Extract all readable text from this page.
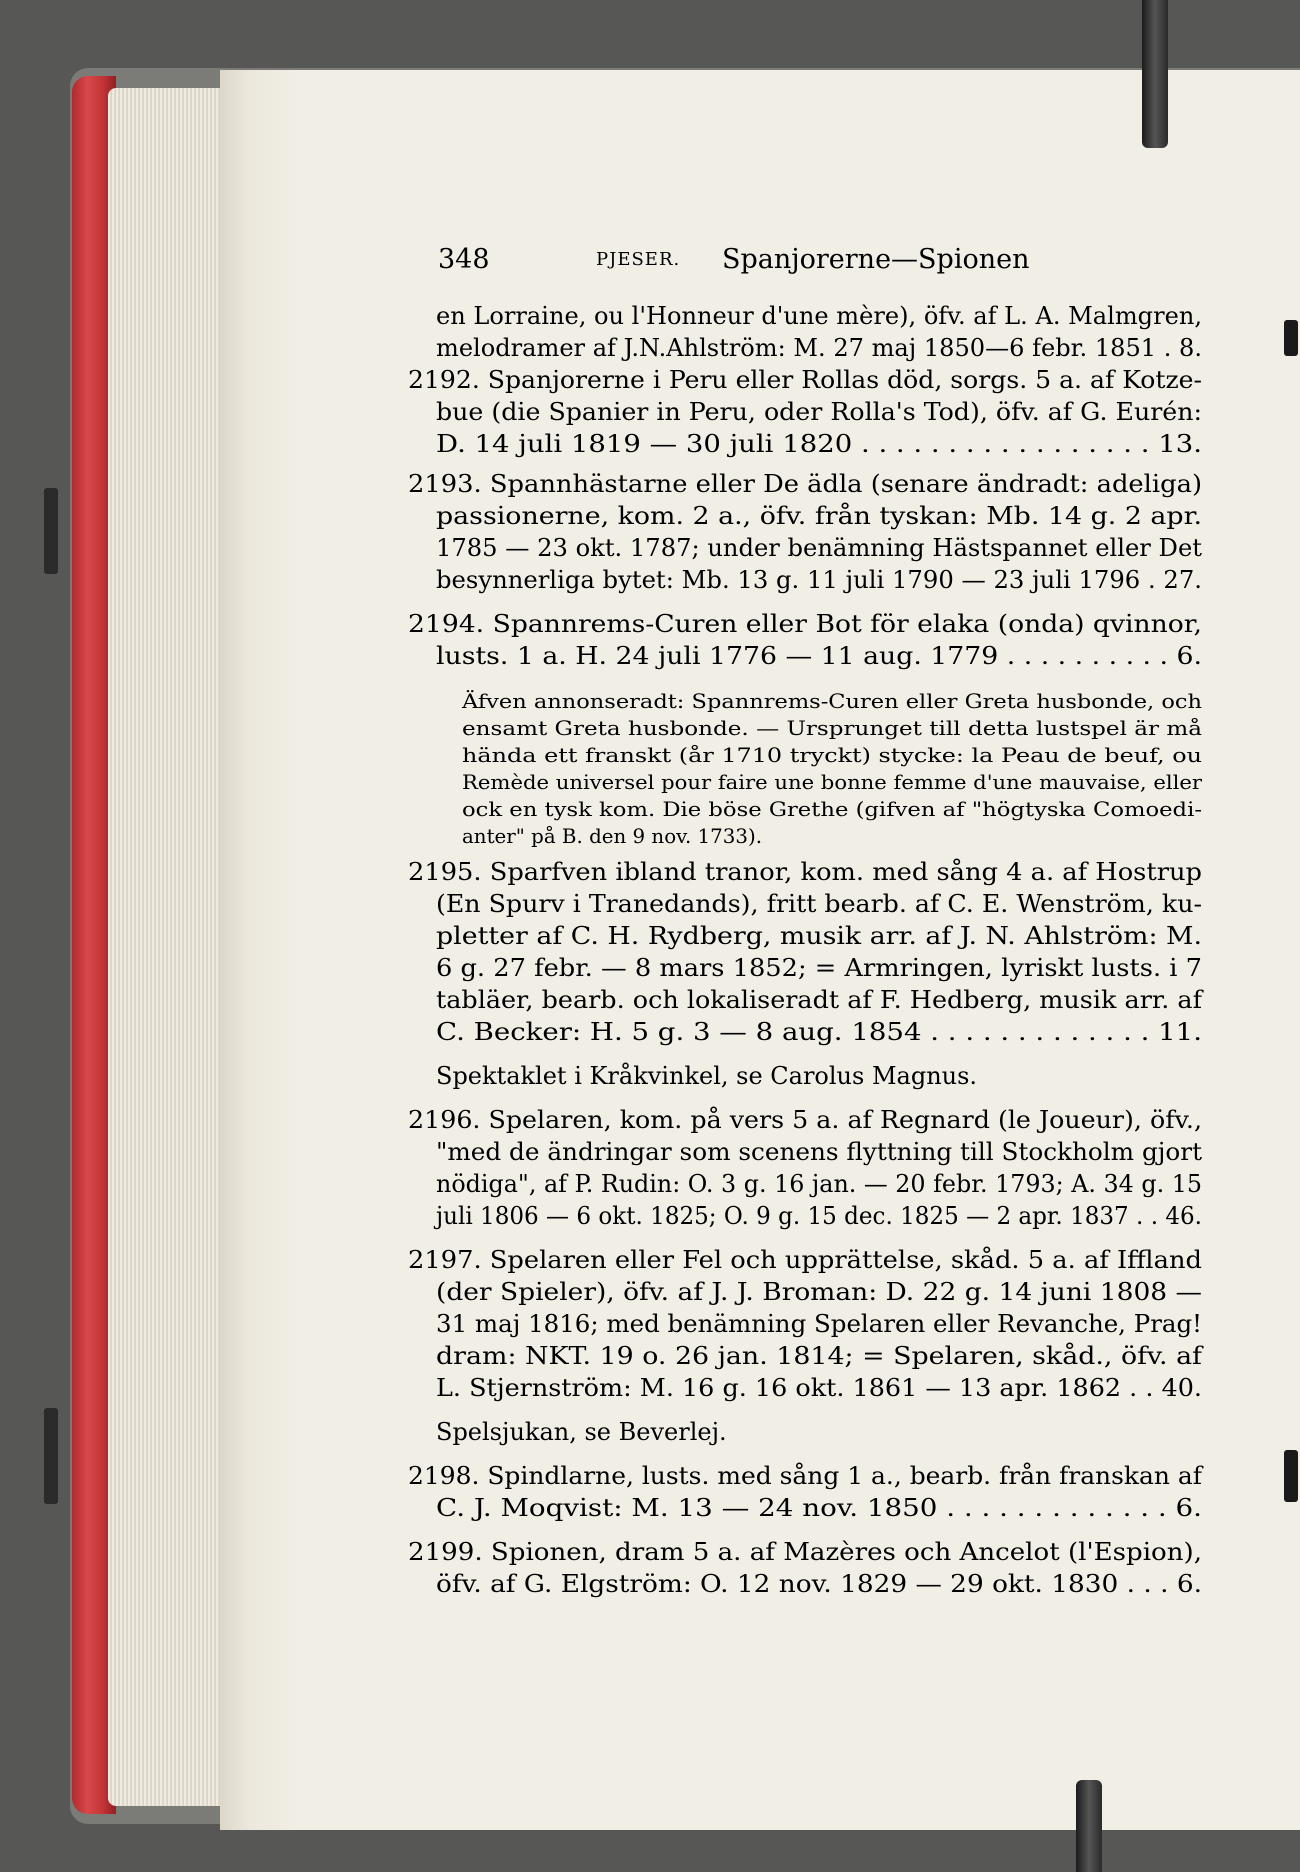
348	PJESER. Spanjorerne—Spionen
en Lorraine, ou l'Honneur d'une mère), öfv. af L. A. Malmgren,
melodramer af J.N.Ahlström: M. 27 maj 1850—6 febr. 1851 . 8.
2192. Spanjorerne i Peru eller Rollas död, sorgs. 5 a. af Kotze-
bue (die Spanier in Peru, oder Rolla's Tod), öfv. af G. Eurén:
D. 14 juli 1819 — 30 juli 1820 . . . . . . . . . . . . . . . . . 13.
2193. Spannhästarne eller De ädla (senare ändradt: adeliga)
passionerne, kom. 2 a., öfv. från tyskan: Mb. 14 g. 2 apr.
1785 — 23 okt. 1787; under benämning Hästspannet eller Det
besynnerliga bytet: Mb. 13 g. 11 juli 1790 — 23 juli 1796 . 27.
2194. Spannrems-Curen eller Bot för elaka (onda) qvinnor,
lusts. 1 a. H. 24 juli 1776 — 11 aug. 1779 . . . . . . . . . . 6.
Äfven annonseradt: Spannrems-Curen eller Greta husbonde, och
ensamt Greta husbonde. — Ursprunget till detta lustspel är må
hända ett franskt (år 1710 tryckt) stycke: la Peau de beuf, ou
Remède universel pour faire une bonne femme d'une mauvaise, eller
ock en tysk kom. Die böse Grethe (gifven af "högtyska Comoedi-
anter" på B. den 9 nov. 1733).
2195. Sparfven ibland tranor, kom. med sång 4 a. af Hostrup
(En Spurv i Tranedands), fritt bearb. af C. E. Wenström, ku-
pletter af C. H. Rydberg, musik arr. af J. N. Ahlström: M.
6 g. 27 febr. — 8 mars 1852; = Armringen, lyriskt lusts. i 7
tabläer, bearb. och lokaliseradt af F. Hedberg, musik arr. af
C. Becker: H. 5 g. 3 — 8 aug. 1854 . . . . . . . . . . . . . 11.
Spektaklet i Kråkvinkel, se Carolus Magnus.
2196. Spelaren, kom. på vers 5 a. af Regnard (le Joueur), öfv.,
"med de ändringar som scenens flyttning till Stockholm gjort
nödiga", af P. Rudin: O. 3 g. 16 jan. — 20 febr. 1793; A. 34 g. 15
juli 1806 — 6 okt. 1825; O. 9 g. 15 dec. 1825 — 2 apr. 1837 . . 46.
2197. Spelaren eller Fel och upprättelse, skåd. 5 a. af Iffland
(der Spieler), öfv. af J. J. Broman: D. 22 g. 14 juni 1808 —
31 maj 1816; med benämning Spelaren eller Revanche, Prag!
dram: NKT. 19 o. 26 jan. 1814; = Spelaren, skåd., öfv. af
L. Stjernström: M. 16 g. 16 okt. 1861 — 13 apr. 1862 . . 40.
Spelsjukan, se Beverlej.
2198. Spindlarne, lusts. med sång 1 a., bearb. från franskan af
C. J. Moqvist: M. 13 — 24 nov. 1850 . . . . . . . . . . . . . 6.
2199. Spionen, dram 5 a. af Mazères och Ancelot (l'Espion),
öfv. af G. Elgström: O. 12 nov. 1829 — 29 okt. 1830 . . . 6.
